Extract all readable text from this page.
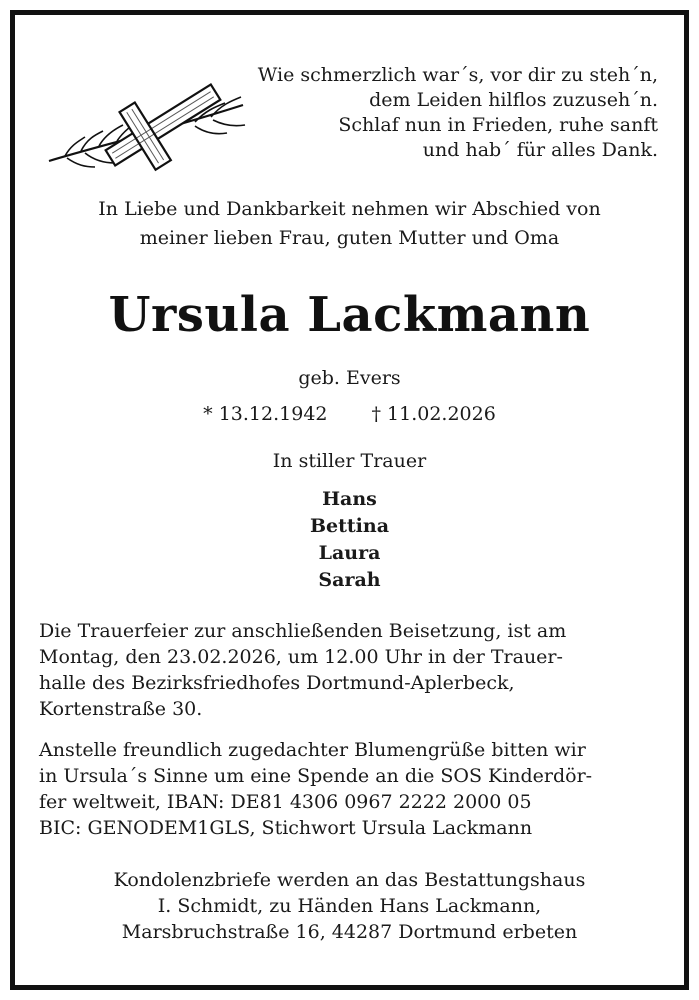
Wie schmerzlich war´s, vor dir zu steh´n,
dem Leiden hilflos zuzuseh´n.
Schlaf nun in Frieden, ruhe sanft
und hab´ für alles Dank.
In Liebe und Dankbarkeit nehmen wir Abschied von
meiner lieben Frau, guten Mutter und Oma
Ursula Lackmann
geb. Evers
* 13.12.1942 † 11.02.2026
In stiller Trauer
Hans
Bettina
Laura
Sarah
Die Trauerfeier zur anschließenden Beisetzung, ist am
Montag, den 23.02.2026, um 12.00 Uhr in der Trauer-
halle des Bezirksfriedhofes Dortmund-Aplerbeck,
Kortenstraße 30.
Anstelle freundlich zugedachter Blumengrüße bitten wir
in Ursula´s Sinne um eine Spende an die SOS Kinderdör-
fer weltweit, IBAN: DE81 4306 0967 2222 2000 05
BIC: GENODEM1GLS, Stichwort Ursula Lackmann
Kondolenzbriefe werden an das Bestattungshaus
I. Schmidt, zu Händen Hans Lackmann,
Marsbruchstraße 16, 44287 Dortmund erbeten
